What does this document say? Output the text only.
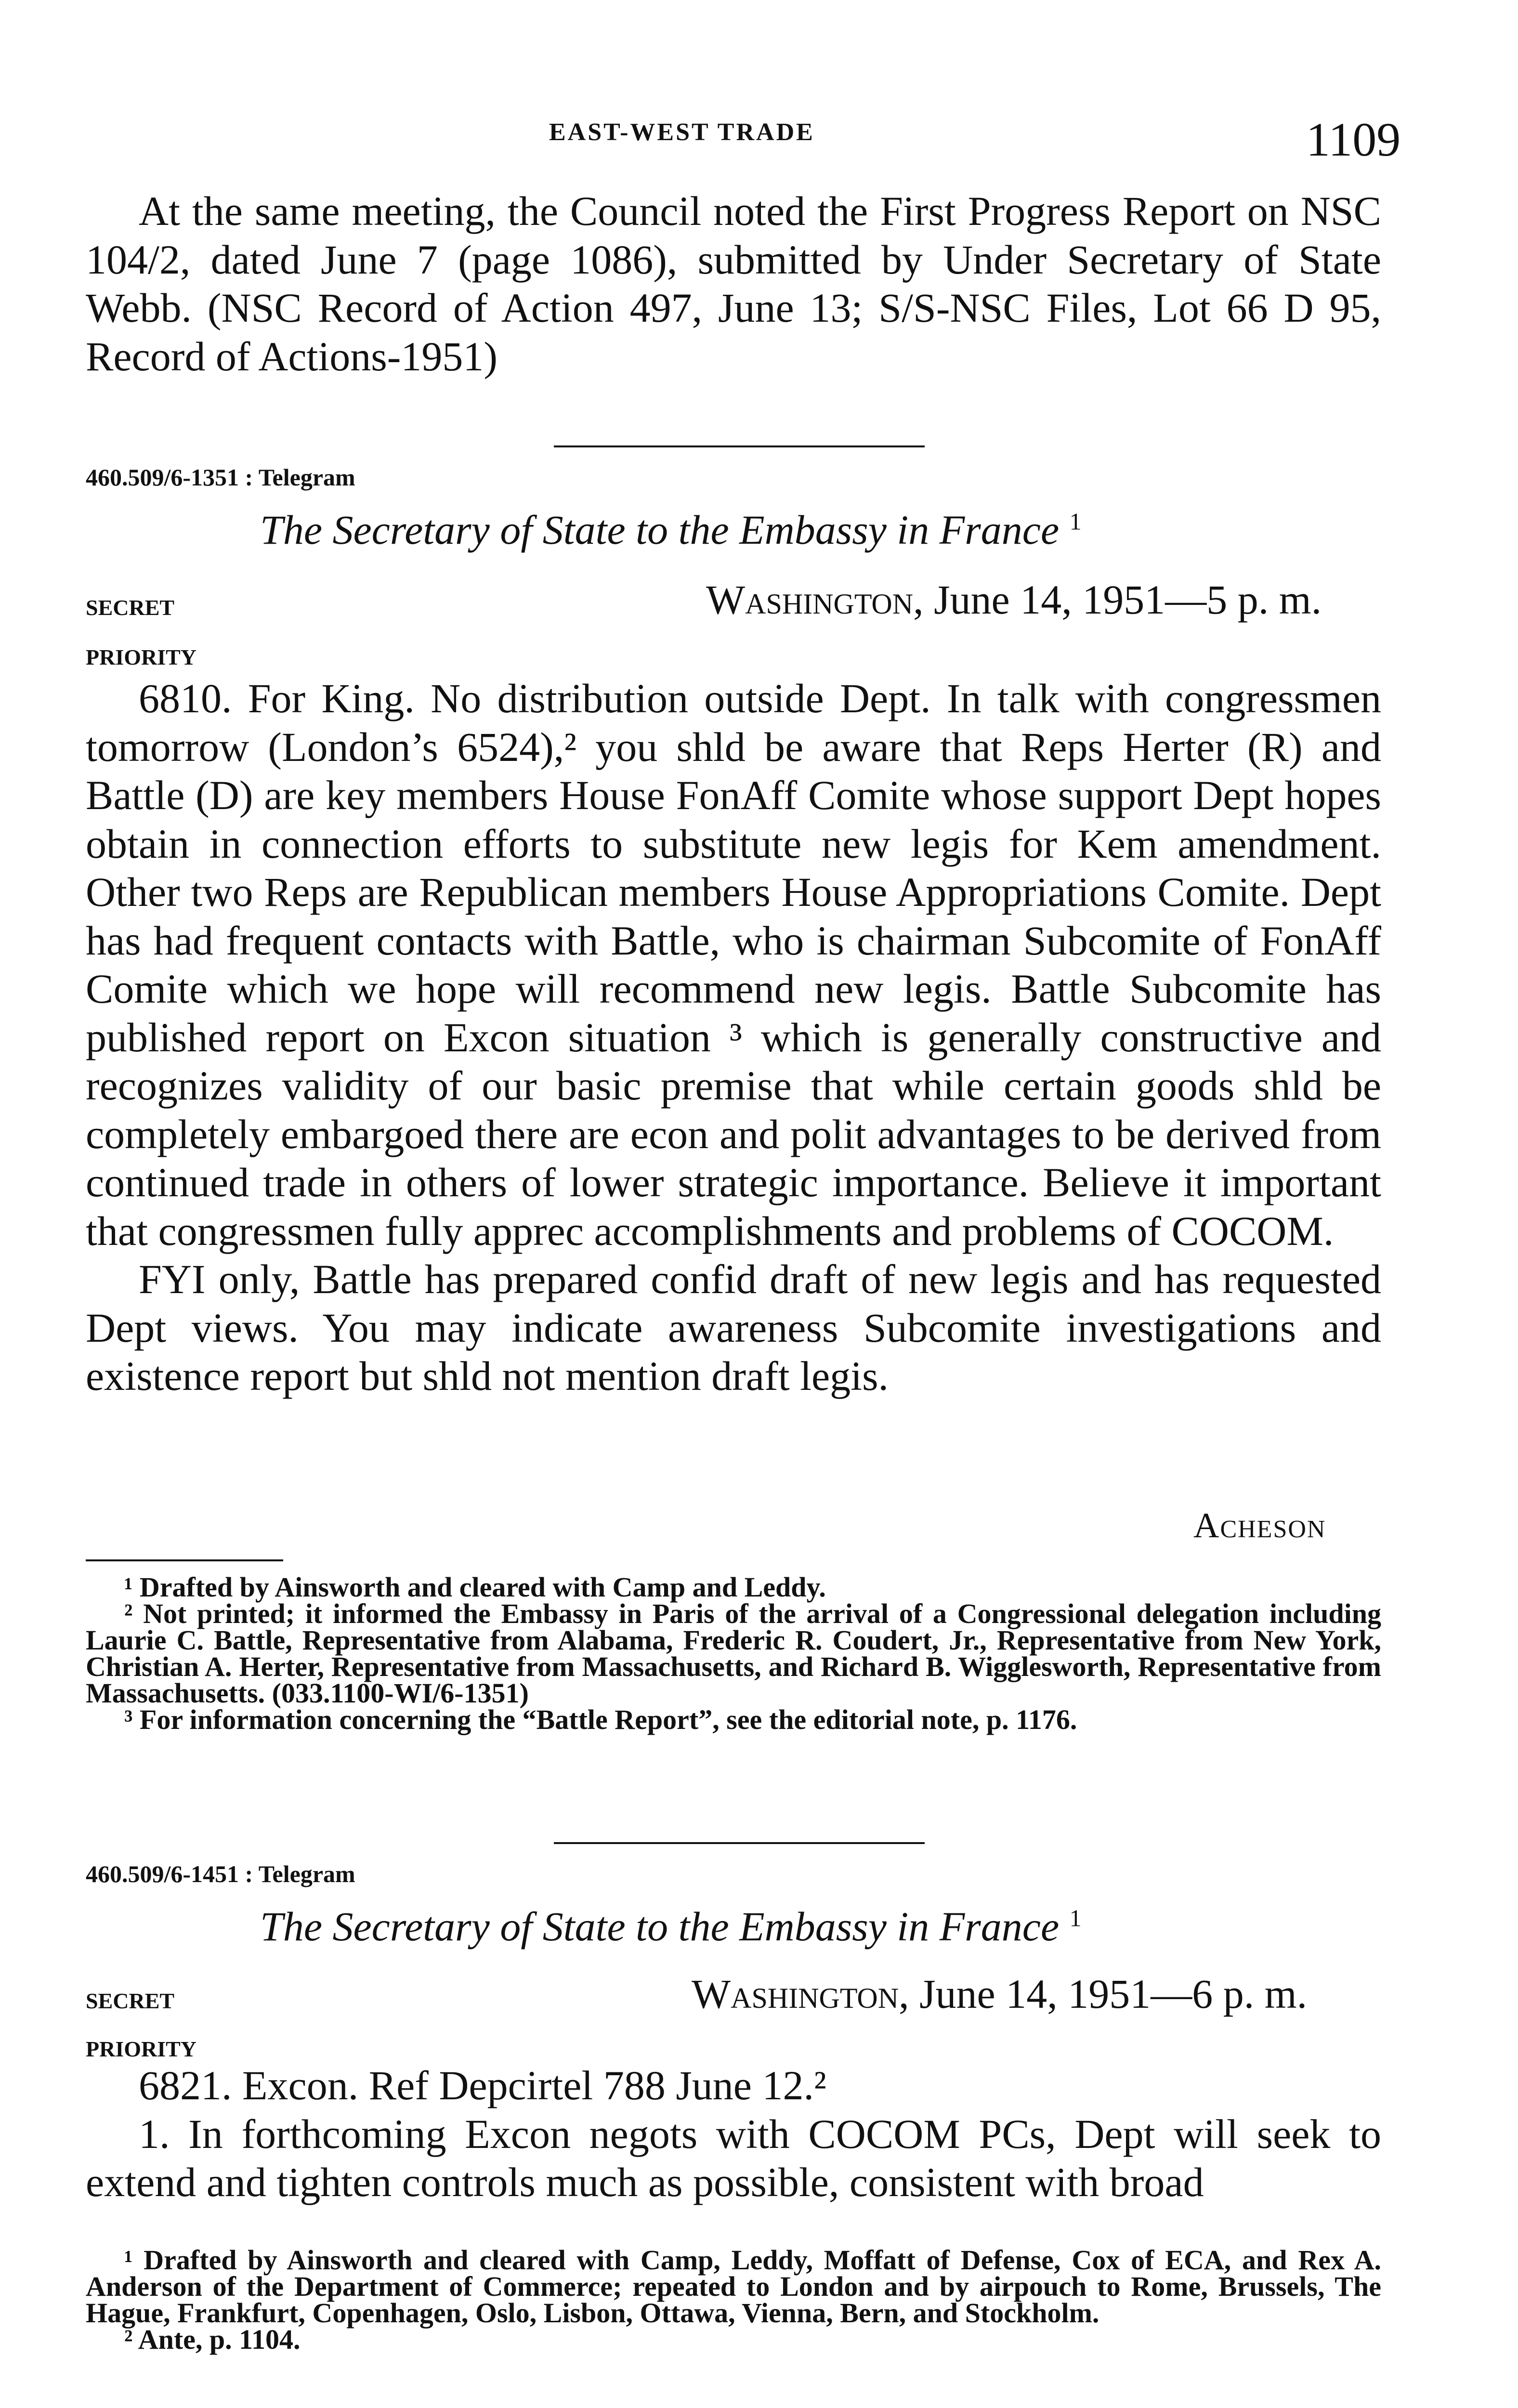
EAST-WEST TRADE	1109

At the same meeting, the Council noted the First Progress Report on NSC 104/2, dated June 7 (page 1086), submitted by Under Secretary of State Webb. (NSC Record of Action 497, June 13; S/S-NSC Files, Lot 66 D 95, Record of Actions-1951)

460.509/6-1351 : Telegram
The Secretary of State to the Embassy in France $^1$
SECRET
PRIORITY
Washington, June 14, 1951—5 p. m.

6810. For King. No distribution outside Dept. In talk with congressmen tomorrow (London’s 6524),² you shld be aware that Reps Herter (R) and Battle (D) are key members House FonAff Comite whose support Dept hopes obtain in connection efforts to substitute new legis for Kem amendment. Other two Reps are Republican members House Appropriations Comite. Dept has had frequent contacts with Battle, who is chairman Subcomite of FonAff Comite which we hope will recommend new legis. Battle Subcomite has published report on Excon situation ³ which is generally constructive and recognizes validity of our basic premise that while certain goods shld be completely embargoed there are econ and polit advantages to be derived from continued trade in others of lower strategic importance. Believe it important that congressmen fully apprec accomplishments and problems of COCOM.

FYI only, Battle has prepared confid draft of new legis and has requested Dept views. You may indicate awareness Subcomite investigations and existence report but shld not mention draft legis.

Acheson

¹ Drafted by Ainsworth and cleared with Camp and Leddy.

² Not printed; it informed the Embassy in Paris of the arrival of a Congressional delegation including Laurie C. Battle, Representative from Alabama, Frederic R. Coudert, Jr., Representative from New York, Christian A. Herter, Representative from Massachusetts, and Richard B. Wigglesworth, Representative from Massachusetts. (033.1100-WI/6-1351)

³ For information concerning the “Battle Report”, see the editorial note, p. 1176.

460.509/6-1451 : Telegram
The Secretary of State to the Embassy in France $^1$
SECRET
PRIORITY
Washington, June 14, 1951—6 p. m.

6821. Excon. Ref Depcirtel 788 June 12.²

1. In forthcoming Excon negots with COCOM PCs, Dept will seek to extend and tighten controls much as possible, consistent with broad

¹ Drafted by Ainsworth and cleared with Camp, Leddy, Moffatt of Defense, Cox of ECA, and Rex A. Anderson of the Department of Commerce; repeated to London and by airpouch to Rome, Brussels, The Hague, Frankfurt, Copenhagen, Oslo, Lisbon, Ottawa, Vienna, Bern, and Stockholm.

² Ante, p. 1104.
